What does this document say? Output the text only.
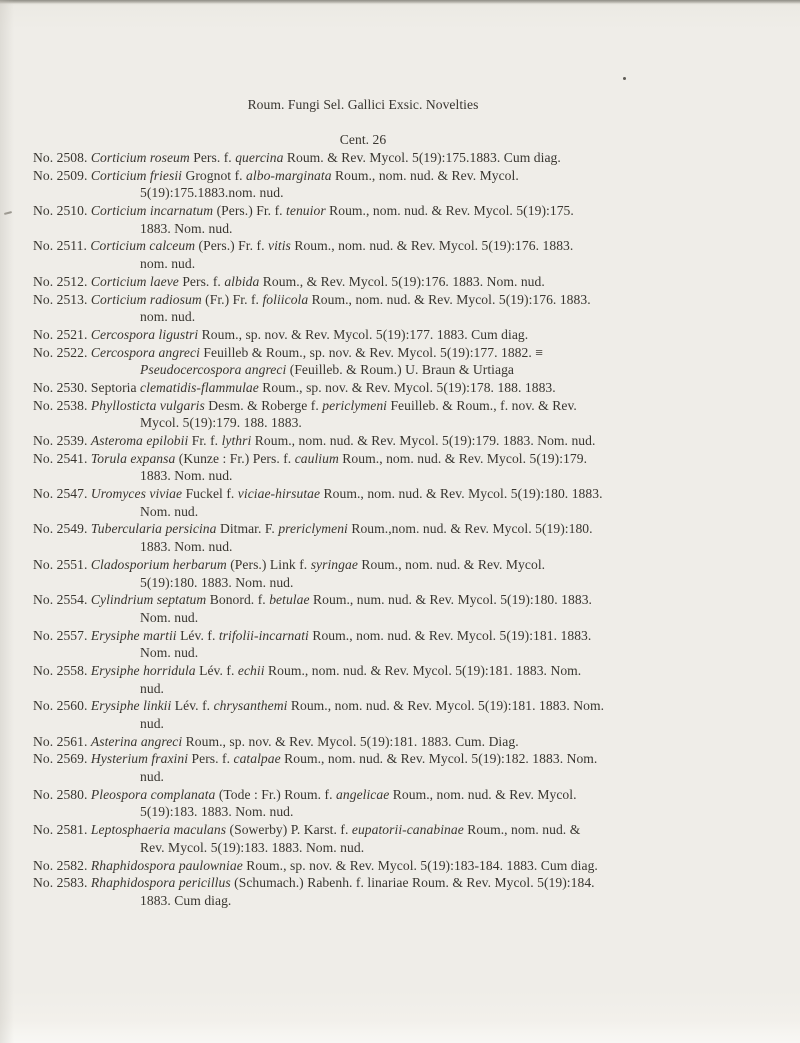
Roum. Fungi Sel. Gallici Exsic. Novelties
Cent. 26
No. 2508. Corticium roseum Pers. f. quercina Roum. & Rev. Mycol. 5(19):175.1883. Cum diag.
No. 2509. Corticium friesii Grognot f. albo-marginata Roum., nom. nud. & Rev. Mycol.
5(19):175.1883.nom. nud.
No. 2510. Corticium incarnatum (Pers.) Fr. f. tenuior Roum., nom. nud. & Rev. Mycol. 5(19):175.
1883. Nom. nud.
No. 2511. Corticium calceum (Pers.) Fr. f. vitis Roum., nom. nud. & Rev. Mycol. 5(19):176. 1883.
nom. nud.
No. 2512. Corticium laeve Pers. f. albida Roum., & Rev. Mycol. 5(19):176. 1883. Nom. nud.
No. 2513. Corticium radiosum (Fr.) Fr. f. foliicola Roum., nom. nud. & Rev. Mycol. 5(19):176. 1883.
nom. nud.
No. 2521. Cercospora ligustri Roum., sp. nov. & Rev. Mycol. 5(19):177. 1883. Cum diag.
No. 2522. Cercospora angreci Feuilleb & Roum., sp. nov. & Rev. Mycol. 5(19):177. 1882. ≡
Pseudocercospora angreci (Feuilleb. & Roum.) U. Braun & Urtiaga
No. 2530. Septoria clematidis-flammulae Roum., sp. nov. & Rev. Mycol. 5(19):178. 188. 1883.
No. 2538. Phyllosticta vulgaris Desm. & Roberge f. periclymeni Feuilleb. & Roum., f. nov. & Rev.
Mycol. 5(19):179. 188. 1883.
No. 2539. Asteroma epilobii Fr. f. lythri Roum., nom. nud. & Rev. Mycol. 5(19):179. 1883. Nom. nud.
No. 2541. Torula expansa (Kunze : Fr.) Pers. f. caulium Roum., nom. nud. & Rev. Mycol. 5(19):179.
1883. Nom. nud.
No. 2547. Uromyces viviae Fuckel f. viciae-hirsutae Roum., nom. nud. & Rev. Mycol. 5(19):180. 1883.
Nom. nud.
No. 2549. Tubercularia persicina Ditmar. F. prericlymeni Roum.,nom. nud. & Rev. Mycol. 5(19):180.
1883. Nom. nud.
No. 2551. Cladosporium herbarum (Pers.) Link f. syringae Roum., nom. nud. & Rev. Mycol.
5(19):180. 1883. Nom. nud.
No. 2554. Cylindrium septatum Bonord. f. betulae Roum., num. nud. & Rev. Mycol. 5(19):180. 1883.
Nom. nud.
No. 2557. Erysiphe martii Lév. f. trifolii-incarnati Roum., nom. nud. & Rev. Mycol. 5(19):181. 1883.
Nom. nud.
No. 2558. Erysiphe horridula Lév. f. echii Roum., nom. nud. & Rev. Mycol. 5(19):181. 1883. Nom.
nud.
No. 2560. Erysiphe linkii Lév. f. chrysanthemi Roum., nom. nud. & Rev. Mycol. 5(19):181. 1883. Nom.
nud.
No. 2561. Asterina angreci Roum., sp. nov. & Rev. Mycol. 5(19):181. 1883. Cum. Diag.
No. 2569. Hysterium fraxini Pers. f. catalpae Roum., nom. nud. & Rev. Mycol. 5(19):182. 1883. Nom.
nud.
No. 2580. Pleospora complanata (Tode : Fr.) Roum. f. angelicae Roum., nom. nud. & Rev. Mycol.
5(19):183. 1883. Nom. nud.
No. 2581. Leptosphaeria maculans (Sowerby) P. Karst. f. eupatorii-canabinae Roum., nom. nud. &
Rev. Mycol. 5(19):183. 1883. Nom. nud.
No. 2582. Rhaphidospora paulowniae Roum., sp. nov. & Rev. Mycol. 5(19):183-184. 1883. Cum diag.
No. 2583. Rhaphidospora pericillus (Schumach.) Rabenh. f. linariae Roum. & Rev. Mycol. 5(19):184.
1883. Cum diag.
